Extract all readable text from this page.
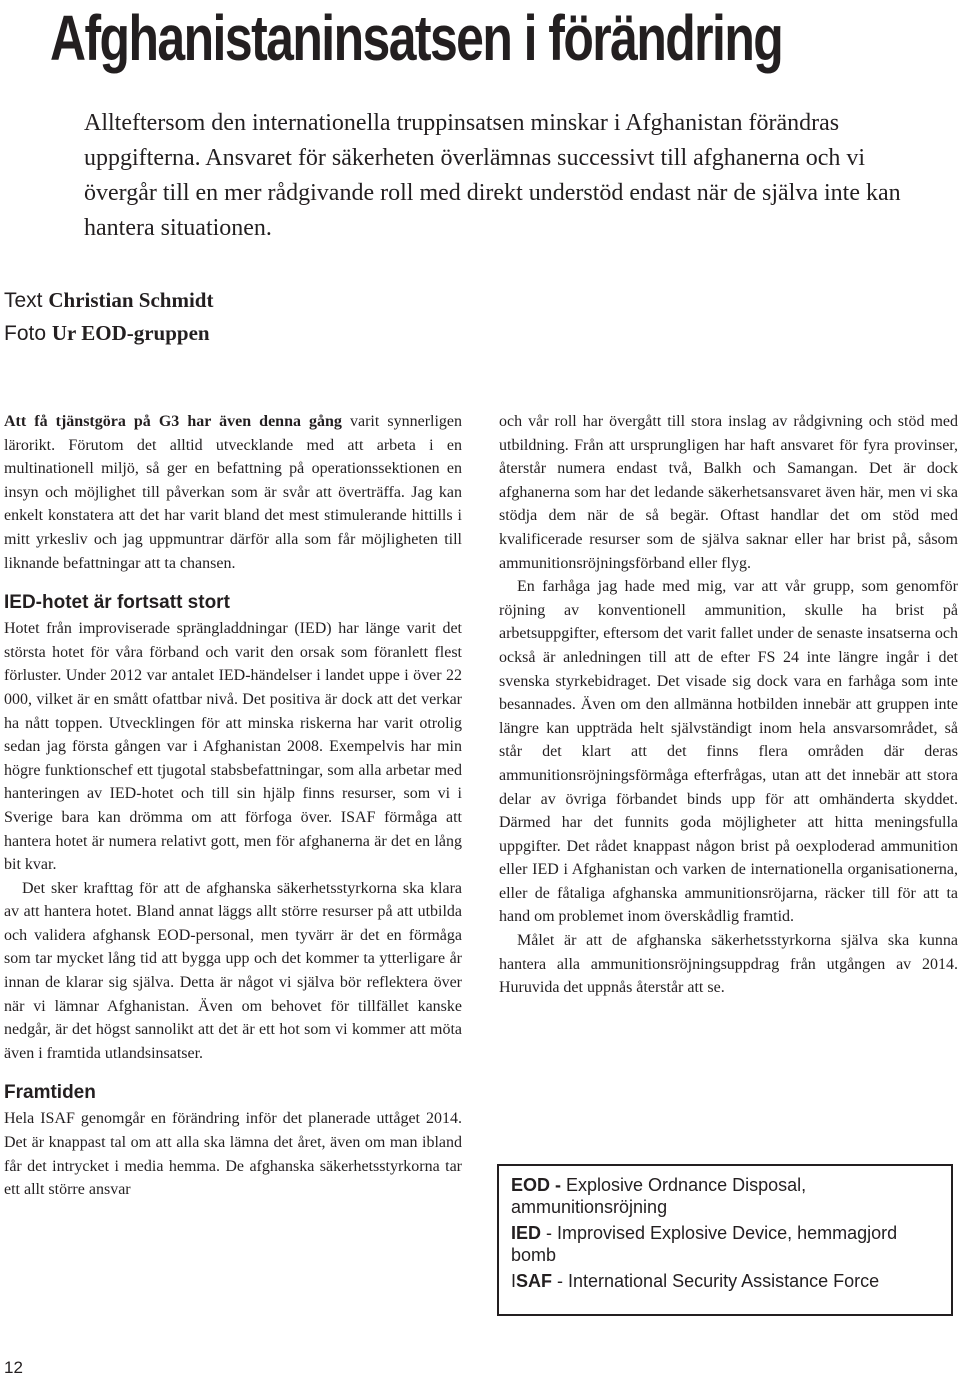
Afghanistaninsatsen i förändring

Allteftersom den internationella truppinsatsen minskar i Afghanistan förändras uppgifterna. Ansvaret för säkerheten överlämnas successivt till afghanerna och vi övergår till en mer rådgivande roll med direkt understöd endast när de själva inte kan hantera situationen.

Text Christian Schmidt
Foto Ur EOD-gruppen

Att få tjänstgöra på G3 har även denna gång varit synnerligen lärorikt. Förutom det alltid utvecklande med att arbeta i en multinationell miljö, så ger en befattning på operationssektionen en insyn och möjlighet till påverkan som är svår att överträffa. Jag kan enkelt konstatera att det har varit bland det mest stimulerande hittills i mitt yrkesliv och jag uppmuntrar därför alla som får möjligheten till liknande befattningar att ta chansen.

IED-hotet är fortsatt stort

Hotet från improviserade sprängladdningar (IED) har länge varit det största hotet för våra förband och varit den orsak som föranlett flest förluster. Under 2012 var antalet IED-händelser i landet uppe i över 22 000, vilket är en smått ofattbar nivå. Det positiva är dock att det verkar ha nått toppen. Utvecklingen för att minska riskerna har varit otrolig sedan jag första gången var i Afghanistan 2008. Exempelvis har min högre funktionschef ett tjugotal stabsbefattningar, som alla arbetar med hanteringen av IED-hotet och till sin hjälp finns resurser, som vi i Sverige bara kan drömma om att förfoga över. ISAF förmåga att hantera hotet är numera relativt gott, men för afghanerna är det en lång bit kvar.

Det sker krafttag för att de afghanska säkerhetsstyrkorna ska klara av att hantera hotet. Bland annat läggs allt större resurser på att utbilda och validera afghansk EOD-personal, men tyvärr är det en förmåga som tar mycket lång tid att bygga upp och det kommer ta ytterligare år innan de klarar sig själva. Detta är något vi själva bör reflektera över när vi lämnar Afghanistan. Även om behovet för tillfället kanske nedgår, är det högst sannolikt att det är ett hot som vi kommer att möta även i framtida utlandsinsatser.

Framtiden

Hela ISAF genomgår en förändring inför det planerade uttåget 2014. Det är knappast tal om att alla ska lämna det året, även om man ibland får det intrycket i media hemma. De afghanska säkerhetsstyrkorna tar ett allt större ansvar

och vår roll har övergått till stora inslag av rådgivning och stöd med utbildning. Från att ursprungligen har haft ansvaret för fyra provinser, återstår numera endast två, Balkh och Samangan. Det är dock afghanerna som har det ledande säkerhetsansvaret även här, men vi ska stödja dem när de så begär. Oftast handlar det om stöd med kvalificerade resurser som de själva saknar eller har brist på, såsom ammunitionsröjningsförband eller flyg.

En farhåga jag hade med mig, var att vår grupp, som genomför röjning av konventionell ammunition, skulle ha brist på arbetsuppgifter, eftersom det varit fallet under de senaste insatserna och också är anledningen till att de efter FS 24 inte längre ingår i det svenska styrkebidraget. Det visade sig dock vara en farhåga som inte besannades. Även om den allmänna hotbilden innebär att gruppen inte längre kan uppträda helt självständigt inom hela ansvarsområdet, så står det klart att det finns flera områden där deras ammunitionsröjningsförmåga efterfrågas, utan att det innebär att stora delar av övriga förbandet binds upp för att omhänderta skyddet. Därmed har det funnits goda möjligheter att hitta meningsfulla uppgifter. Det rådet knappast någon brist på oexploderad ammunition eller IED i Afghanistan och varken de internationella organisationerna, eller de fåtaliga afghanska ammunitionsröjarna, räcker till för att ta hand om problemet inom överskådlig framtid.

Målet är att de afghanska säkerhetsstyrkorna själva ska kunna hantera alla ammunitionsröjningsuppdrag från utgången av 2014. Huruvida det uppnås återstår att se.

EOD - Explosive Ordnance Disposal, ammunitionsröjning

IED - Improvised Explosive Device, hemmagjord bomb

ISAF - International Security Assistance Force

12
